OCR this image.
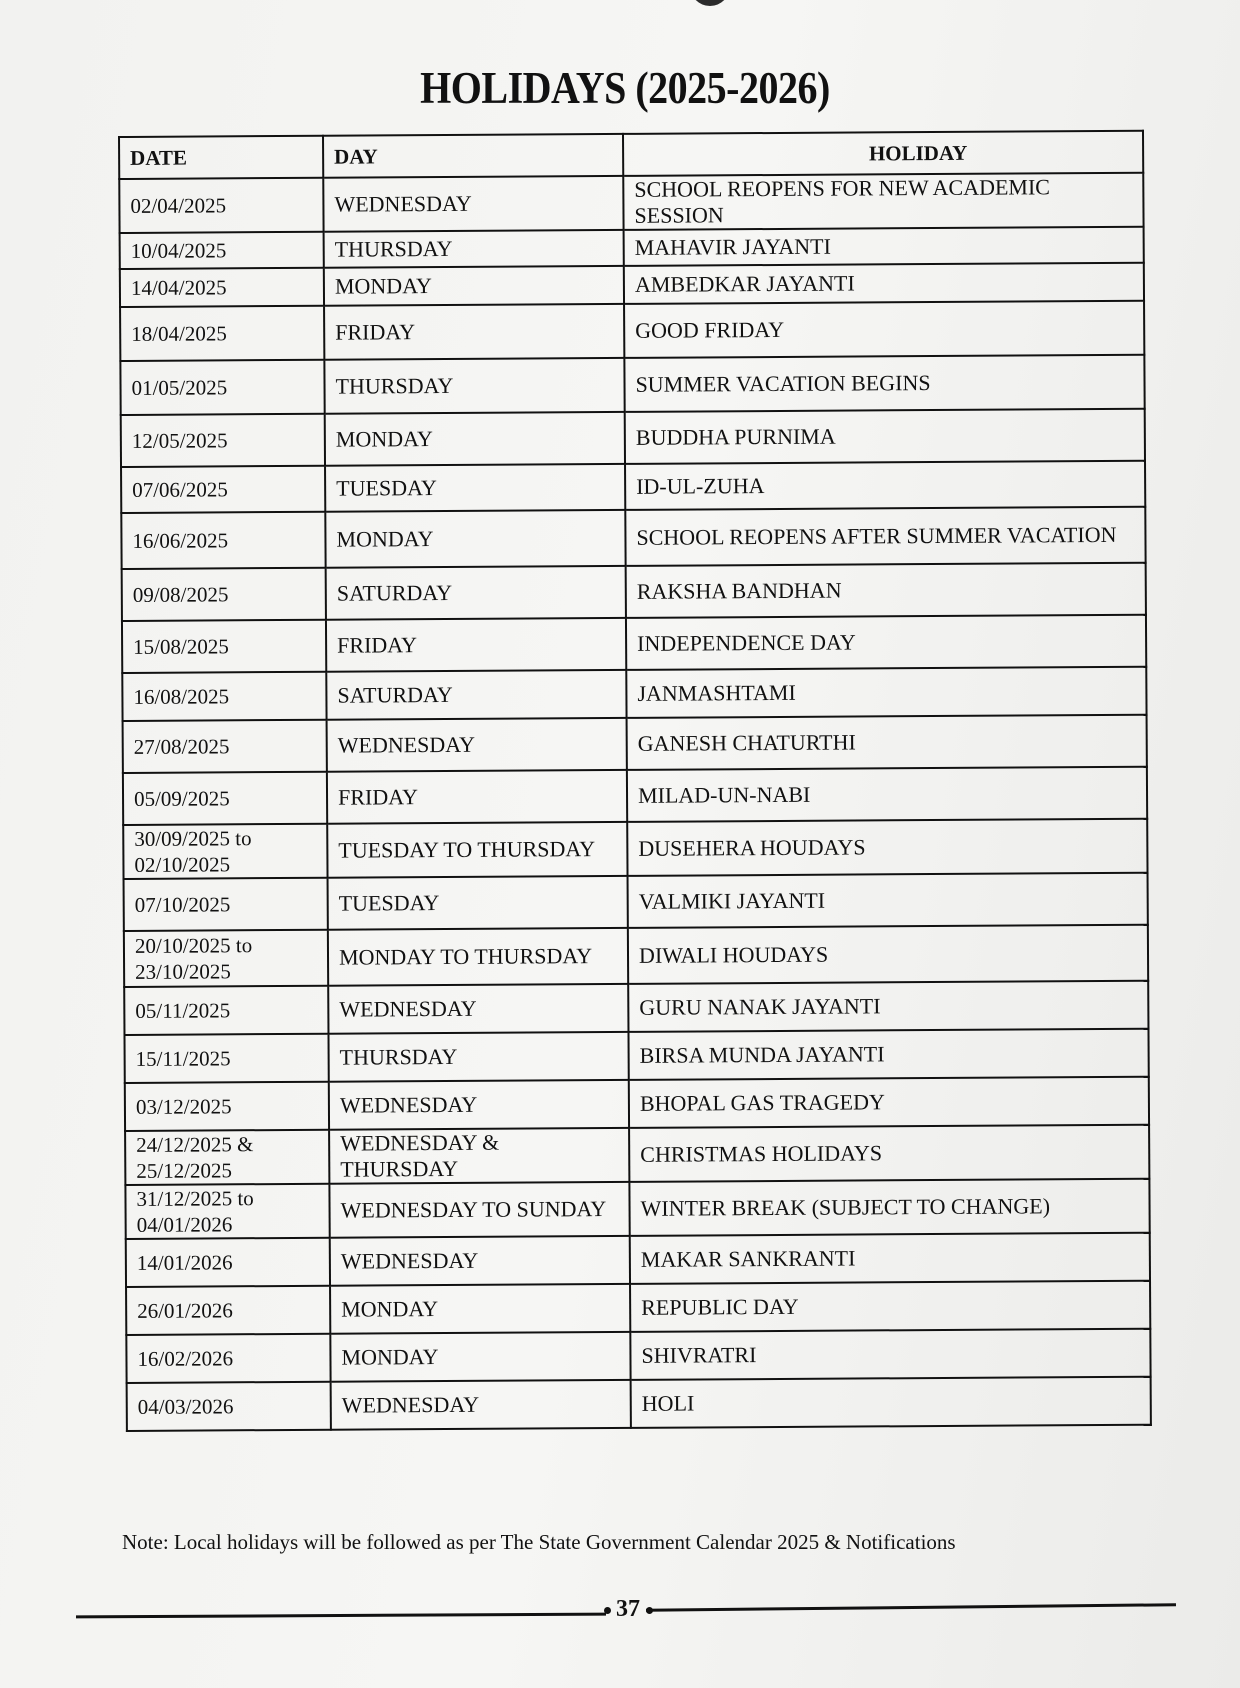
HOLIDAYS (2025-2026)
DATE	DAY	HOLIDAY
02/04/2025	WEDNESDAY	SCHOOL REOPENS FOR NEW ACADEMIC SESSION
10/04/2025	THURSDAY	MAHAVIR JAYANTI
14/04/2025	MONDAY	AMBEDKAR JAYANTI
18/04/2025	FRIDAY	GOOD FRIDAY
01/05/2025	THURSDAY	SUMMER VACATION BEGINS
12/05/2025	MONDAY	BUDDHA PURNIMA
07/06/2025	TUESDAY	ID-UL-ZUHA
16/06/2025	MONDAY	SCHOOL REOPENS AFTER SUMMER VACATION
09/08/2025	SATURDAY	RAKSHA BANDHAN
15/08/2025	FRIDAY	INDEPENDENCE DAY
16/08/2025	SATURDAY	JANMASHTAMI
27/08/2025	WEDNESDAY	GANESH CHATURTHI
05/09/2025	FRIDAY	MILAD-UN-NABI
30/09/2025 to 02/10/2025	TUESDAY TO THURSDAY	DUSEHERA HOUDAYS
07/10/2025	TUESDAY	VALMIKI JAYANTI
20/10/2025 to 23/10/2025	MONDAY TO THURSDAY	DIWALI HOUDAYS
05/11/2025	WEDNESDAY	GURU NANAK JAYANTI
15/11/2025	THURSDAY	BIRSA MUNDA JAYANTI
03/12/2025	WEDNESDAY	BHOPAL GAS TRAGEDY
24/12/2025 & 25/12/2025	WEDNESDAY & THURSDAY	CHRISTMAS HOLIDAYS
31/12/2025 to 04/01/2026	WEDNESDAY TO SUNDAY	WINTER BREAK (SUBJECT TO CHANGE)
14/01/2026	WEDNESDAY	MAKAR SANKRANTI
26/01/2026	MONDAY	REPUBLIC DAY
16/02/2026	MONDAY	SHIVRATRI
04/03/2026	WEDNESDAY	HOLI
Note: Local holidays will be followed as per The State Government Calendar 2025 & Notifications
37
